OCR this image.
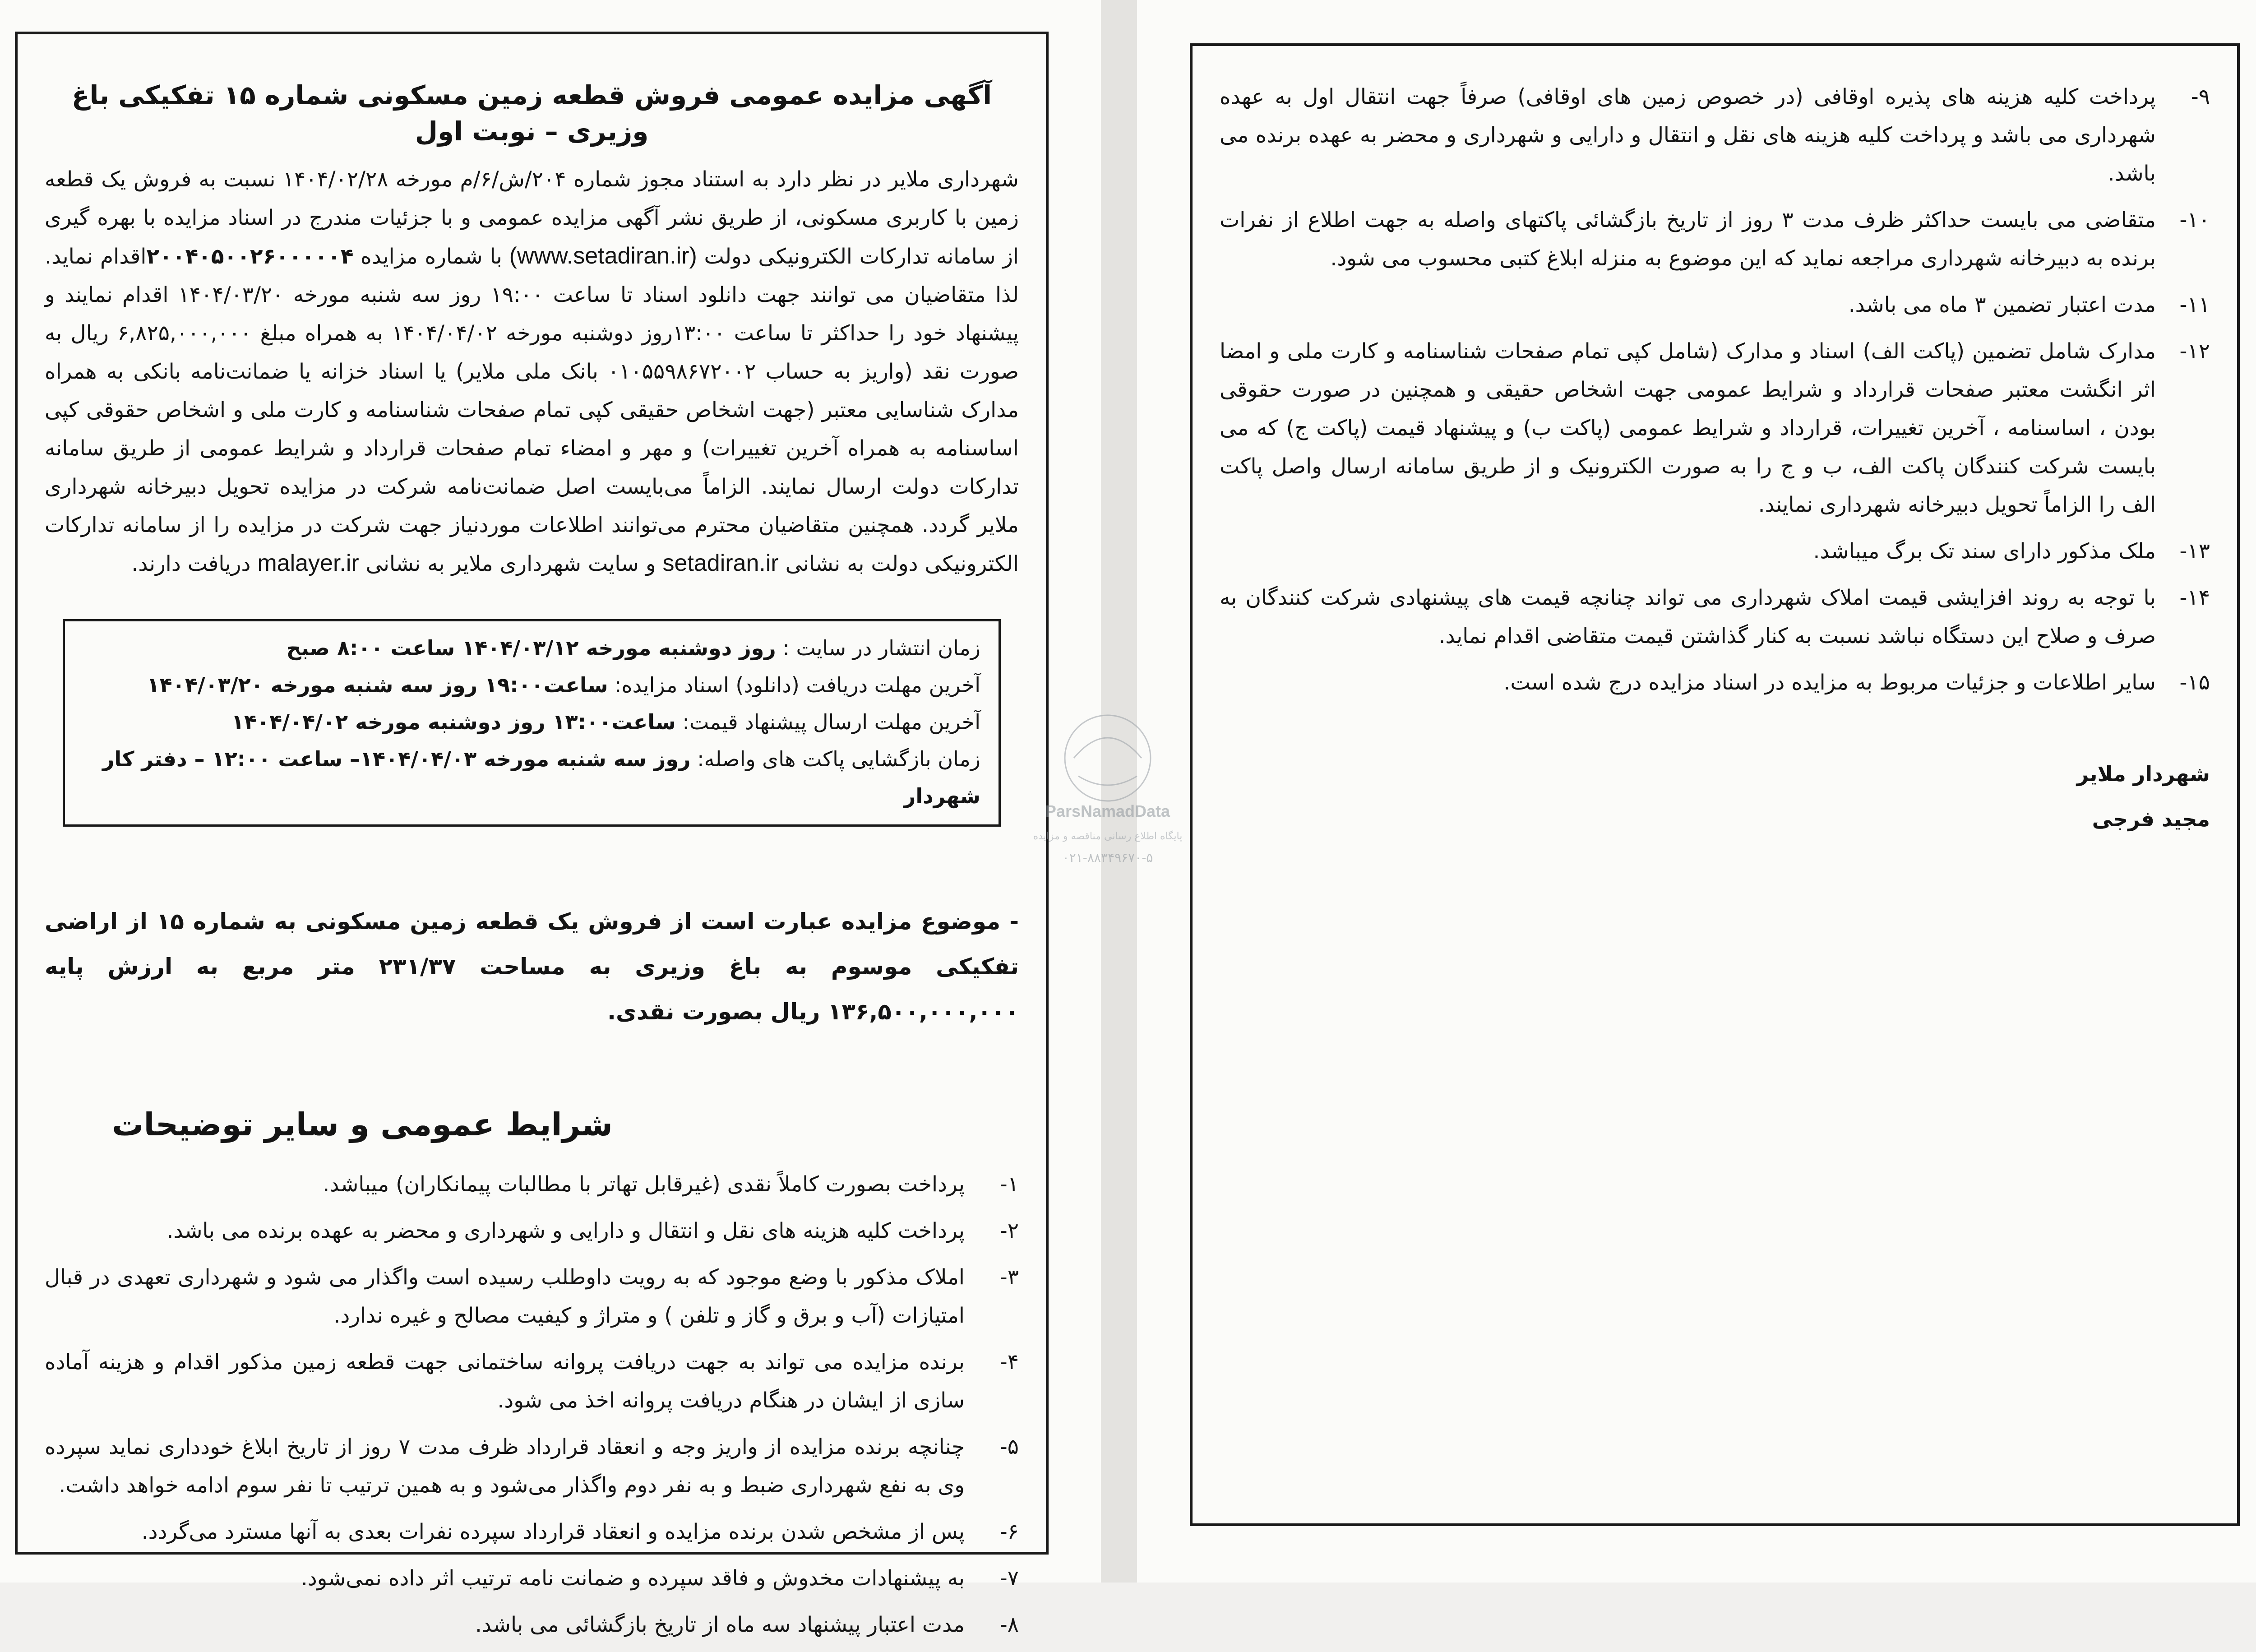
آگهی مزایده عمومی فروش قطعه زمین مسکونی شماره ۱۵ تفکیکی باغ وزیری – نوبت اول

شهرداری ملایر در نظر دارد به استناد مجوز شماره ۲۰۴/ش/۶/م مورخه ۱۴۰۴/۰۲/۲۸ نسبت به فروش یک قطعه زمین با کاربری مسکونی، از طریق نشر آگهی مزایده عمومی و با جزئیات مندرج در اسناد مزایده با بهره گیری از سامانه تدارکات الکترونیکی دولت (www.setadiran.ir) با شماره مزایده ۲۰۰۴۰۵۰۰۲۶۰۰۰۰۰۴اقدام نماید. لذا متقاضیان می توانند جهت دانلود اسناد تا ساعت ۱۹:۰۰ روز سه شنبه مورخه ۱۴۰۴/۰۳/۲۰ اقدام نمایند و پیشنهاد خود را حداکثر تا ساعت ۱۳:۰۰روز دوشنبه مورخه ۱۴۰۴/۰۴/۰۲ به همراه مبلغ ۶,۸۲۵,۰۰۰,۰۰۰ ریال به صورت نقد (واریز به حساب ۰۱۰۵۵۹۸۶۷۲۰۰۲ بانک ملی ملایر) یا اسناد خزانه یا ضمانت‌نامه بانکی به همراه مدارک شناسایی معتبر (جهت اشخاص حقیقی کپی تمام صفحات شناسنامه و کارت ملی و اشخاص حقوقی کپی اساسنامه به همراه آخرین تغییرات) و مهر و امضاء تمام صفحات قرارداد و شرایط عمومی از طریق سامانه تدارکات دولت ارسال نمایند. الزاماً می‌بایست اصل ضمانت‌نامه شرکت در مزایده تحویل دبیرخانه شهرداری ملایر گردد. همچنین متقاضیان محترم می‌توانند اطلاعات موردنیاز جهت شرکت در مزایده را از سامانه تدارکات الکترونیکی دولت به نشانی setadiran.ir و سایت شهرداری ملایر به نشانی malayer.ir دریافت دارند.

زمان انتشار در سایت : روز دوشنبه مورخه ۱۴۰۴/۰۳/۱۲ ساعت ۸:۰۰ صبح
آخرین مهلت دریافت (دانلود) اسناد مزایده: ساعت۱۹:۰۰ روز سه شنبه مورخه ۱۴۰۴/۰۳/۲۰
آخرین مهلت ارسال پیشنهاد قیمت: ساعت۱۳:۰۰ روز دوشنبه مورخه ۱۴۰۴/۰۴/۰۲
زمان بازگشایی پاکت های واصله: روز سه شنبه مورخه ۱۴۰۴/۰۴/۰۳– ساعت ۱۲:۰۰ – دفتر کار شهردار

- موضوع مزایده عبارت است از فروش یک قطعه زمین مسکونی به شماره ۱۵ از اراضی تفکیکی موسوم به باغ وزیری به مساحت ۲۳۱/۳۷ متر مربع به ارزش پایه ۱۳۶,۵۰۰,۰۰۰,۰۰۰ ریال بصورت نقدی.

شرایط عمومی و سایر توضیحات
-۱
پرداخت بصورت کاملاً نقدی (غیرقابل تهاتر با مطالبات پیمانکاران) میباشد.
-۲
پرداخت کلیه هزینه های نقل و انتقال و دارایی و شهرداری و محضر به عهده برنده می باشد.
-۳
املاک مذکور با وضع موجود که به رویت داوطلب رسیده است واگذار می شود و شهرداری تعهدی در قبال امتیازات (آب و برق و گاز و تلفن ) و متراژ و کیفیت مصالح و غیره ندارد.
-۴
برنده مزایده می تواند به جهت دریافت پروانه ساختمانی جهت قطعه زمین مذکور اقدام و هزینه آماده سازی از ایشان در هنگام دریافت پروانه اخذ می شود.
-۵
چنانچه برنده مزایده از واریز وجه و انعقاد قرارداد ظرف مدت ۷ روز از تاریخ ابلاغ خودداری نماید سپرده وی به نفع شهرداری ضبط و به نفر دوم واگذار می‌شود و به همین ترتیب تا نفر سوم ادامه خواهد داشت.
-۶
پس از مشخص شدن برنده مزایده و انعقاد قرارداد سپرده نفرات بعدی به آنها مسترد می‌گردد.
-۷
به پیشنهادات مخدوش و فاقد سپرده و ضمانت نامه ترتیب اثر داده نمی‌شود.
-۸
مدت اعتبار پیشنهاد سه ماه از تاریخ بازگشائی می باشد.
-۹
پرداخت کلیه هزینه های پذیره اوقافی (در خصوص زمین های اوقافی) صرفاً جهت انتقال اول به عهده شهرداری می باشد و پرداخت کلیه هزینه های نقل و انتقال و دارایی و شهرداری و محضر به عهده برنده می باشد.
-۱۰
متقاضی می بایست حداکثر ظرف مدت ۳ روز از تاریخ بازگشائی پاکتهای واصله به جهت اطلاع از نفرات برنده به دبیرخانه شهرداری مراجعه نماید که این موضوع به منزله ابلاغ کتبی محسوب می شود.
-۱۱
مدت اعتبار تضمین ۳ ماه می باشد.
-۱۲
مدارک شامل تضمین (پاکت الف) اسناد و مدارک (شامل کپی تمام صفحات شناسنامه و کارت ملی و امضا اثر انگشت معتبر صفحات قرارداد و شرایط عمومی جهت اشخاص حقیقی و همچنین در صورت حقوقی بودن ، اساسنامه ، آخرین تغییرات، قرارداد و شرایط عمومی (پاکت ب) و پیشنهاد قیمت (پاکت ج) که می بایست شرکت کنندگان پاکت الف، ب و ج را به صورت الکترونیک و از طریق سامانه ارسال واصل پاکت الف را الزاماً تحویل دبیرخانه شهرداری نمایند.
-۱۳
ملک مذکور دارای سند تک برگ میباشد.
-۱۴
با توجه به روند افزایشی قیمت املاک شهرداری می تواند چنانچه قیمت های پیشنهادی شرکت کنندگان به صرف و صلاح این دستگاه نباشد نسبت به کنار گذاشتن قیمت متقاضی اقدام نماید.
-۱۵
سایر اطلاعات و جزئیات مربوط به مزایده در اسناد مزایده درج شده است.
شهردار ملایر
مجید فرجی
ParsNamadData
پایگاه اطلاع رسانی مناقصه و مزایده
۰۲۱-۸۸۳۴۹۶۷۰-۵
